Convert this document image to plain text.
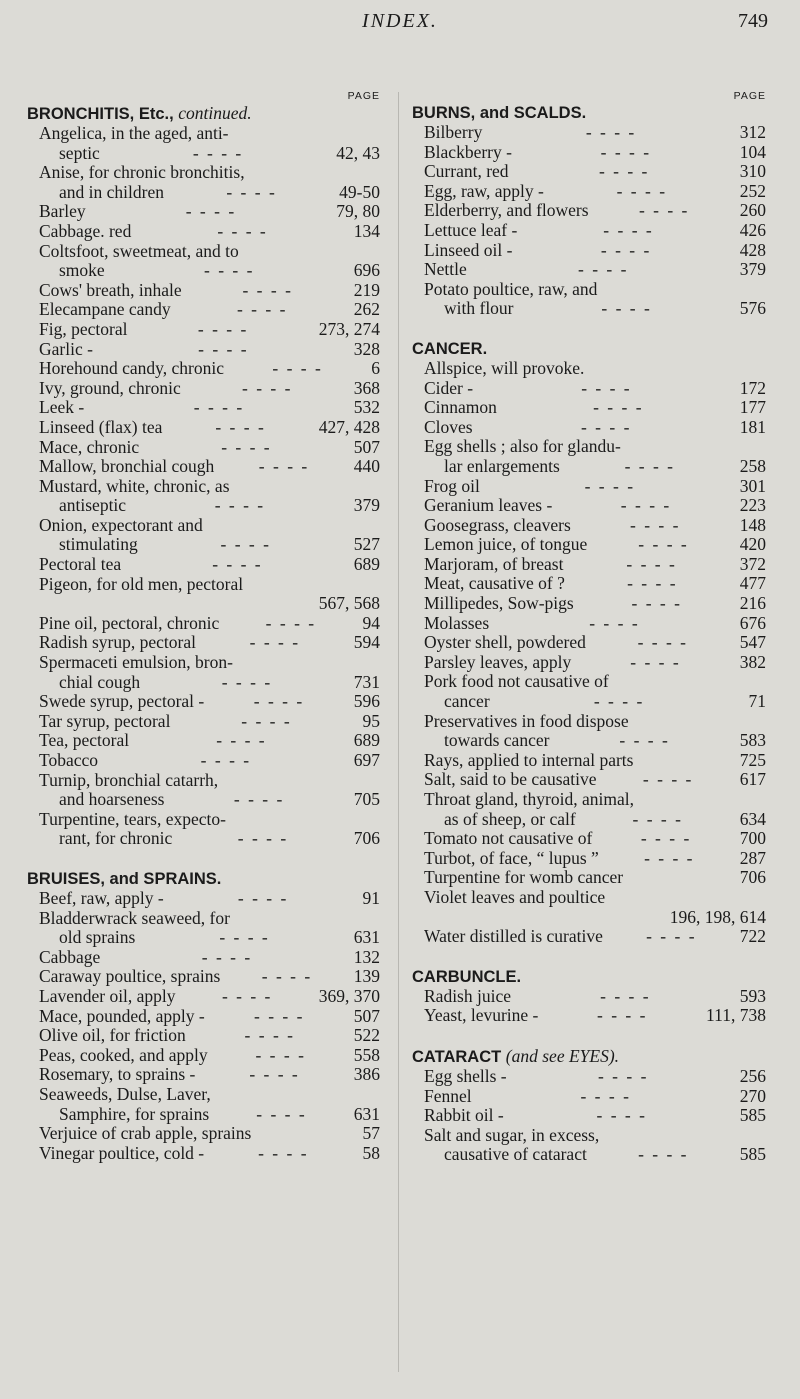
INDEX.	749
PAGE
BRONCHITIS, Etc., continued.
Angelica, in the aged, anti-
septic	- - - -	42, 43
Anise, for chronic bronchitis,
and in children	- - - -	49-50
Barley	- - - -	79, 80
Cabbage. red	- - - -	134
Coltsfoot, sweetmeat, and to
smoke	- - - -	696
Cows' breath, inhale	- - - -	219
Elecampane candy	- - - -	262
Fig, pectoral	- - - -	273, 274
Garlic -	- - - -	328
Horehound candy, chronic	- - - -	6
Ivy, ground, chronic	- - - -	368
Leek -	- - - -	532
Linseed (flax) tea	- - - -	427, 428
Mace, chronic	- - - -	507
Mallow, bronchial cough	- - - -	440
Mustard, white, chronic, as
antiseptic	- - - -	379
Onion, expectorant and
stimulating	- - - -	527
Pectoral tea	- - - -	689
Pigeon, for old men, pectoral
567, 568
Pine oil, pectoral, chronic	- - - -	94
Radish syrup, pectoral	- - - -	594
Spermaceti emulsion, bron-
chial cough	- - - -	731
Swede syrup, pectoral -	- - - -	596
Tar syrup, pectoral	- - - -	95
Tea, pectoral	- - - -	689
Tobacco	- - - -	697
Turnip, bronchial catarrh,
and hoarseness	- - - -	705
Turpentine, tears, expecto-
rant, for chronic	- - - -	706
BRUISES, and SPRAINS.
Beef, raw, apply -	- - - -	91
Bladderwrack seaweed, for
old sprains	- - - -	631
Cabbage	- - - -	132
Caraway poultice, sprains	- - - -	139
Lavender oil, apply	- - - -	369, 370
Mace, pounded, apply -	- - - -	507
Olive oil, for friction	- - - -	522
Peas, cooked, and apply	- - - -	558
Rosemary, to sprains -	- - - -	386
Seaweeds, Dulse, Laver,
Samphire, for sprains	- - - -	631
Verjuice of crab apple, sprains	57
Vinegar poultice, cold -	- - - -	58
PAGE
BURNS, and SCALDS.
Bilberry	- - - -	312
Blackberry -	- - - -	104
Currant, red	- - - -	310
Egg, raw, apply -	- - - -	252
Elderberry, and flowers	- - - -	260
Lettuce leaf -	- - - -	426
Linseed oil -	- - - -	428
Nettle	- - - -	379
Potato poultice, raw, and
with flour	- - - -	576
CANCER.
Allspice, will provoke.
Cider -	- - - -	172
Cinnamon	- - - -	177
Cloves	- - - -	181
Egg shells ; also for glandu-
lar enlargements	- - - -	258
Frog oil	- - - -	301
Geranium leaves -	- - - -	223
Goosegrass, cleavers	- - - -	148
Lemon juice, of tongue	- - - -	420
Marjoram, of breast	- - - -	372
Meat, causative of ?	- - - -	477
Millipedes, Sow-pigs	- - - -	216
Molasses	- - - -	676
Oyster shell, powdered	- - - -	547
Parsley leaves, apply	- - - -	382
Pork food not causative of
cancer	- - - -	71
Preservatives in food dispose
towards cancer	- - - -	583
Rays, applied to internal parts	725
Salt, said to be causative	- - - -	617
Throat gland, thyroid, animal,
as of sheep, or calf	- - - -	634
Tomato not causative of	- - - -	700
Turbot, of face, “ lupus ”	- - - -	287
Turpentine for womb cancer	706
Violet leaves and poultice
196, 198, 614
Water distilled is curative	- - - -	722
CARBUNCLE.
Radish juice	- - - -	593
Yeast, levurine -	- - - -	111, 738
CATARACT (and see EYES).
Egg shells -	- - - -	256
Fennel	- - - -	270
Rabbit oil -	- - - -	585
Salt and sugar, in excess,
causative of cataract	- - - -	585
